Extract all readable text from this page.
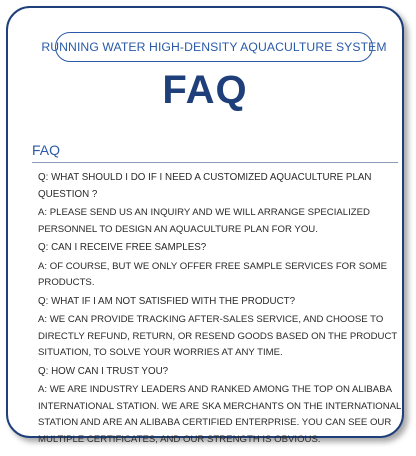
RUNNING WATER HIGH-DENSITY AQUACULTURE SYSTEM
FAQ
FAQ
Q: WHAT SHOULD I DO IF I NEED A CUSTOMIZED AQUACULTURE PLAN QUESTION ?
A: PLEASE SEND US AN INQUIRY AND WE WILL ARRANGE SPECIALIZED PERSONNEL TO DESIGN AN AQUACULTURE PLAN FOR YOU.
Q: CAN I RECEIVE FREE SAMPLES?
A: OF COURSE, BUT WE ONLY OFFER FREE SAMPLE SERVICES FOR SOME PRODUCTS.
Q: WHAT IF I AM NOT SATISFIED WITH THE PRODUCT?
A: WE CAN PROVIDE TRACKING AFTER-SALES SERVICE, AND CHOOSE TO DIRECTLY REFUND, RETURN, OR RESEND GOODS BASED ON THE PRODUCT SITUATION, TO SOLVE YOUR WORRIES AT ANY TIME.
Q: HOW CAN I TRUST YOU?
A: WE ARE INDUSTRY LEADERS AND RANKED AMONG THE TOP ON ALIBABA INTERNATIONAL STATION. WE ARE SKA MERCHANTS ON THE INTERNATIONAL STATION AND ARE AN ALIBABA CERTIFIED ENTERPRISE. YOU CAN SEE OUR MULTIPLE CERTIFICATES, AND OUR STRENGTH IS OBVIOUS.
